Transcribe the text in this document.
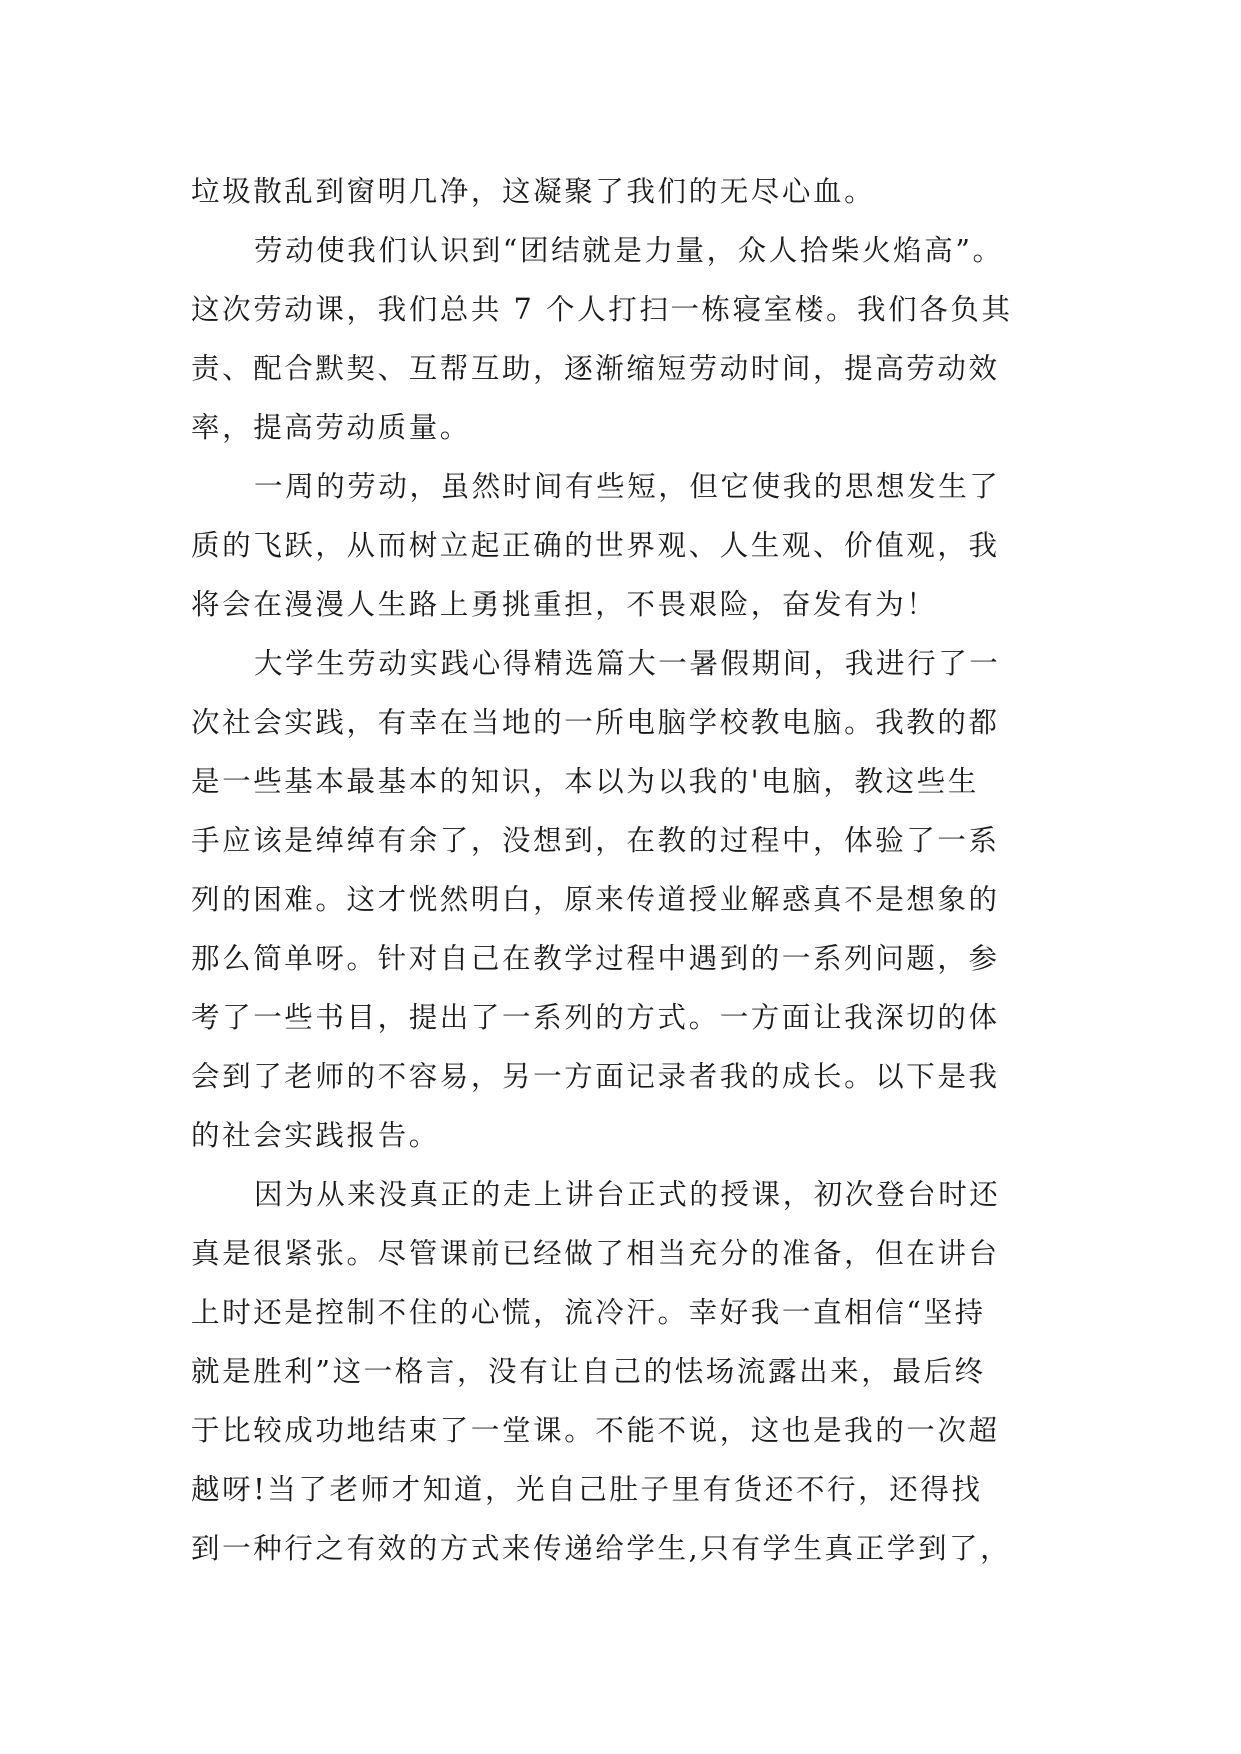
垃圾散乱到窗明几净，这凝聚了我们的无尽心血。

劳动使我们认识到“团结就是力量，众人拾柴火焰高”。

这次劳动课，我们总共 7 个人打扫一栋寝室楼。我们各负其

责、配合默契、互帮互助，逐渐缩短劳动时间，提高劳动效

率，提高劳动质量。

一周的劳动，虽然时间有些短，但它使我的思想发生了

质的飞跃，从而树立起正确的世界观、人生观、价值观，我

将会在漫漫人生路上勇挑重担，不畏艰险，奋发有为！

大学生劳动实践心得精选篇大一暑假期间，我进行了一

次社会实践，有幸在当地的一所电脑学校教电脑。我教的都

是一些基本最基本的知识，本以为以我的'电脑，教这些生

手应该是绰绰有余了，没想到，在教的过程中，体验了一系

列的困难。这才恍然明白，原来传道授业解惑真不是想象的

那么简单呀。针对自己在教学过程中遇到的一系列问题，参

考了一些书目，提出了一系列的方式。一方面让我深切的体

会到了老师的不容易，另一方面记录者我的成长。以下是我

的社会实践报告。

因为从来没真正的走上讲台正式的授课，初次登台时还

真是很紧张。尽管课前已经做了相当充分的准备，但在讲台

上时还是控制不住的心慌，流冷汗。幸好我一直相信“坚持

就是胜利”这一格言，没有让自己的怯场流露出来，最后终

于比较成功地结束了一堂课。不能不说，这也是我的一次超

越呀!当了老师才知道，光自己肚子里有货还不行，还得找

到一种行之有效的方式来传递给学生,只有学生真正学到了，
